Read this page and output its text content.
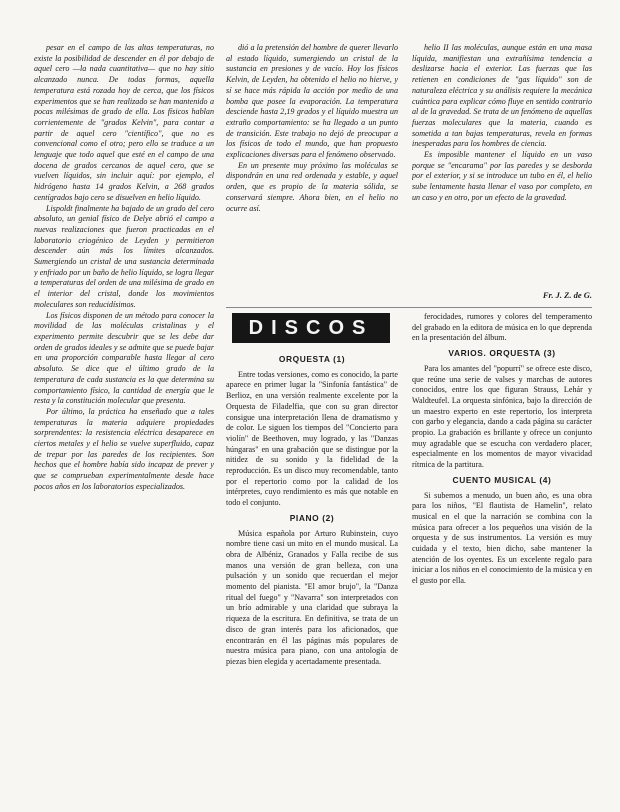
pesar en el campo de las altas temperaturas, no existe la posibilidad de descender en él por debajo de aquel cero —la nada cuantitativa— que no hay sitio alcanzado nunca. De todas formas, aquella temperatura está rozada hoy de cerca, que los físicos experimentos que se han realizado se han mantenido a pocas milésimas de grado de ella. Los físicos hablan corrientemente de "grados Kelvin", para contar a partir de aquel cero "científico", que no es convencional como el otro; pero ello se traduce a un lenguaje que todo aquel que esté en el campo de una docena de grados cercanos de aquel cero, que se vuelven líquidos, sin incluir aquí: por ejemplo, el hidrógeno hasta 14 grados Kelvin, a 268 grados centígrados bajo cero se disuelven en helio líquido.

Lispoldt finalmente ha bajado de un grado del cero absoluto, un genial físico de Delye abrió el campo a nuevas realizaciones que fueron practicadas en el laboratorio criogénico de Leyden y permitieron descender aún más los límites alcanzados. Sumergiendo un cristal de una sustancia determinada y enfriado por un baño de helio líquido, se logra llegar a temperaturas del orden de una milésima de grado en el interior del cristal, donde los movimientos moleculares son reducidísimos.

Los físicos disponen de un método para conocer la movilidad de las moléculas cristalinas y el experimento permite descubrir que se les debe dar orden de grados ideales y se admite que se puede bajar en una proporción comparable hasta llegar al cero absoluto. Se dice que el último grado de la temperatura de cada sustancia es la que determina su comportamiento físico, la cantidad de energía que le resta y la constitución molecular que presenta.

Por último, la práctica ha enseñado que a tales temperaturas la materia adquiere propiedades sorprendentes: la resistencia eléctrica desaparece en ciertos metales y el helio se vuelve superfluido, capaz de trepar por las paredes de los recipientes. Son hechos que el hombre había sido incapaz de prever y que se comprueban experimentalmente desde hace pocos años en los laboratorios especializados.

dió a la pretensión del hombre de querer llevarlo al estado líquido, sumergiendo un cristal de la sustancia en presiones y de vacío. Hoy los físicos Kelvin, de Leyden, ha obtenido el helio no hierve, y sí se hace más rápida la acción por medio de una bomba que posee la evaporación. La temperatura desciende hasta 2,19 grados y el líquido muestra un extraño comportamiento: se ha llegado a un punto de transición. Este trabajo no dejó de preocupar a los físicos de todo el mundo, que han propuesto explicaciones diversas para el fenómeno observado.

En un presente muy próximo las moléculas se dispondrán en una red ordenada y estable, y aquel orden, que es propio de la materia sólida, se conservará siempre. Ahora bien, en el helio no ocurre así.

helio II las moléculas, aunque están en una masa líquida, manifiestan una extrañísima tendencia a deslizarse hacia el exterior. Las fuerzas que las retienen en condiciones de "gas líquido" son de naturaleza eléctrica y su análisis requiere la mecánica cuántica para explicar cómo fluye en sentido contrario al de la gravedad. Se trata de un fenómeno de aquellas fuerzas moleculares que la materia, cuando es sometida a tan bajas temperaturas, revela en formas inesperadas para los hombres de ciencia.

Es imposible mantener el líquido en un vaso porque se "encarama" por las paredes y se desborda por el exterior, y si se introduce un tubo en él, el helio sube lentamente hasta llenar el vaso por completo, en un caso y en otro, por un efecto de la gravedad.

Fr. J. Z. de G.
DISCOS
ORQUESTA (1)

Entre todas versiones, como es conocido, la parte aparece en primer lugar la "Sinfonía fantástica" de Berlioz, en una versión realmente excelente por la Orquesta de Filadelfia, que con su gran director consigue una interpretación llena de dramatismo y de color. Le siguen los tiempos del "Concierto para violín" de Beethoven, muy logrado, y las "Danzas húngaras" en una grabación que se distingue por la nitidez de su sonido y la fidelidad de la reproducción. Es un disco muy recomendable, tanto por el repertorio como por la calidad de los intérpretes, cuyo rendimiento es más que notable en todo el conjunto.

PIANO (2)

Música española por Arturo Rubinstein, cuyo nombre tiene casi un mito en el mundo musical. La obra de Albéniz, Granados y Falla recibe de sus manos una versión de gran belleza, con una pulsación y un sonido que recuerdan el mejor momento del pianista. "El amor brujo", la "Danza ritual del fuego" y "Navarra" son interpretados con un brío admirable y una claridad que subraya la riqueza de la escritura. En definitiva, se trata de un disco de gran interés para los aficionados, que encontrarán en él las páginas más populares de nuestra música para piano, con una antología de piezas bien elegida y acertadamente presentada.

ferocidades, rumores y colores del temperamento del grabado en la editora de música en lo que deprenda en la presentación del álbum.

VARIOS. ORQUESTA (3)

Para los amantes del "popurrí" se ofrece este disco, que reúne una serie de valses y marchas de autores conocidos, entre los que figuran Strauss, Lehár y Waldteufel. La orquesta sinfónica, bajo la dirección de un maestro experto en este repertorio, los interpreta con garbo y elegancia, dando a cada página su carácter propio. La grabación es brillante y ofrece un conjunto muy agradable que se escucha con verdadero placer, especialmente en los momentos de mayor vivacidad rítmica de la partitura.

CUENTO MUSICAL (4)

Si subemos a menudo, un buen año, es una obra para los niños, "El flautista de Hamelin", relato musical en el que la narración se combina con la música para ofrecer a los pequeños una visión de la orquesta y de sus instrumentos. La versión es muy cuidada y el texto, bien dicho, sabe mantener la atención de los oyentes. Es un excelente regalo para iniciar a los niños en el conocimiento de la música y en el gusto por ella.
